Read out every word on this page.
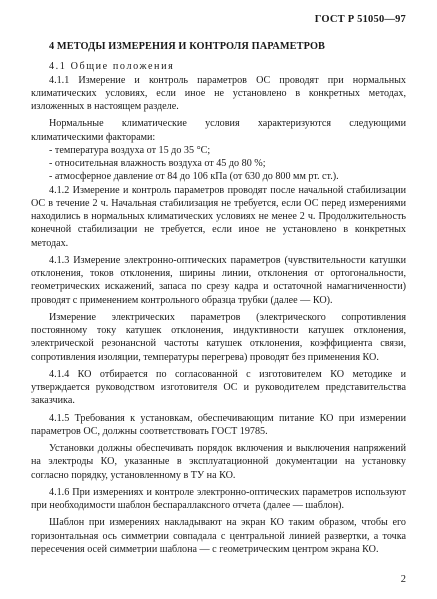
ГОСТ Р 51050—97
4 МЕТОДЫ ИЗМЕРЕНИЯ И КОНТРОЛЯ ПАРАМЕТРОВ

4.1 Общие положения

4.1.1 Измерение и контроль параметров ОС проводят при нормальных климатических условиях, если иное не установлено в конкретных методах, изложенных в настоящем разделе.

Нормальные климатические условия характеризуются следующими климатическими факторами:

- температура воздуха от 15 до 35 °С;

- относительная влажность воздуха от 45 до 80 %;

- атмосферное давление от 84 до 106 кПа (от 630 до 800 мм рт. ст.).

4.1.2 Измерение и контроль параметров проводят после начальной стабилизации ОС в течение 2 ч. Начальная стабилизация не требуется, если ОС перед измерениями находились в нормальных климатических условиях не менее 2 ч. Продолжительность конечной стабилизации не требуется, если иное не установлено в конкретных методах.

4.1.3 Измерение электронно-оптических параметров (чувствительности катушки отклонения, токов отклонения, ширины линии, отклонения от ортогональности, геометрических искажений, запаса по срезу кадра и остаточной намагниченности) проводят с применением контрольного образца трубки (далее — КО).

Измерение электрических параметров (электрического сопротивления постоянному току катушек отклонения, индуктивности катушек отклонения, электрической резонансной частоты катушек отклонения, коэффициента связи, сопротивления изоляции, температуры перегрева) проводят без применения КО.

4.1.4 КО отбирается по согласованной с изготовителем КО методике и утверждается руководством изготовителя ОС и руководителем представительства заказчика.

4.1.5 Требования к установкам, обеспечивающим питание КО при измерении параметров ОС, должны соответствовать ГОСТ 19785.

Установки должны обеспечивать порядок включения и выключения напряжений на электроды КО, указанные в эксплуатационной документации на установку согласно порядку, установленному в ТУ на КО.

4.1.6 При измерениях и контроле электронно-оптических параметров используют при необходимости шаблон беспараллаксного отчета (далее — шаблон).

Шаблон при измерениях накладывают на экран КО таким образом, чтобы его горизонтальная ось симметрии совпадала с центральной линией развертки, а точка пересечения осей симметрии шаблона — с геометрическим центром экрана КО.

2
